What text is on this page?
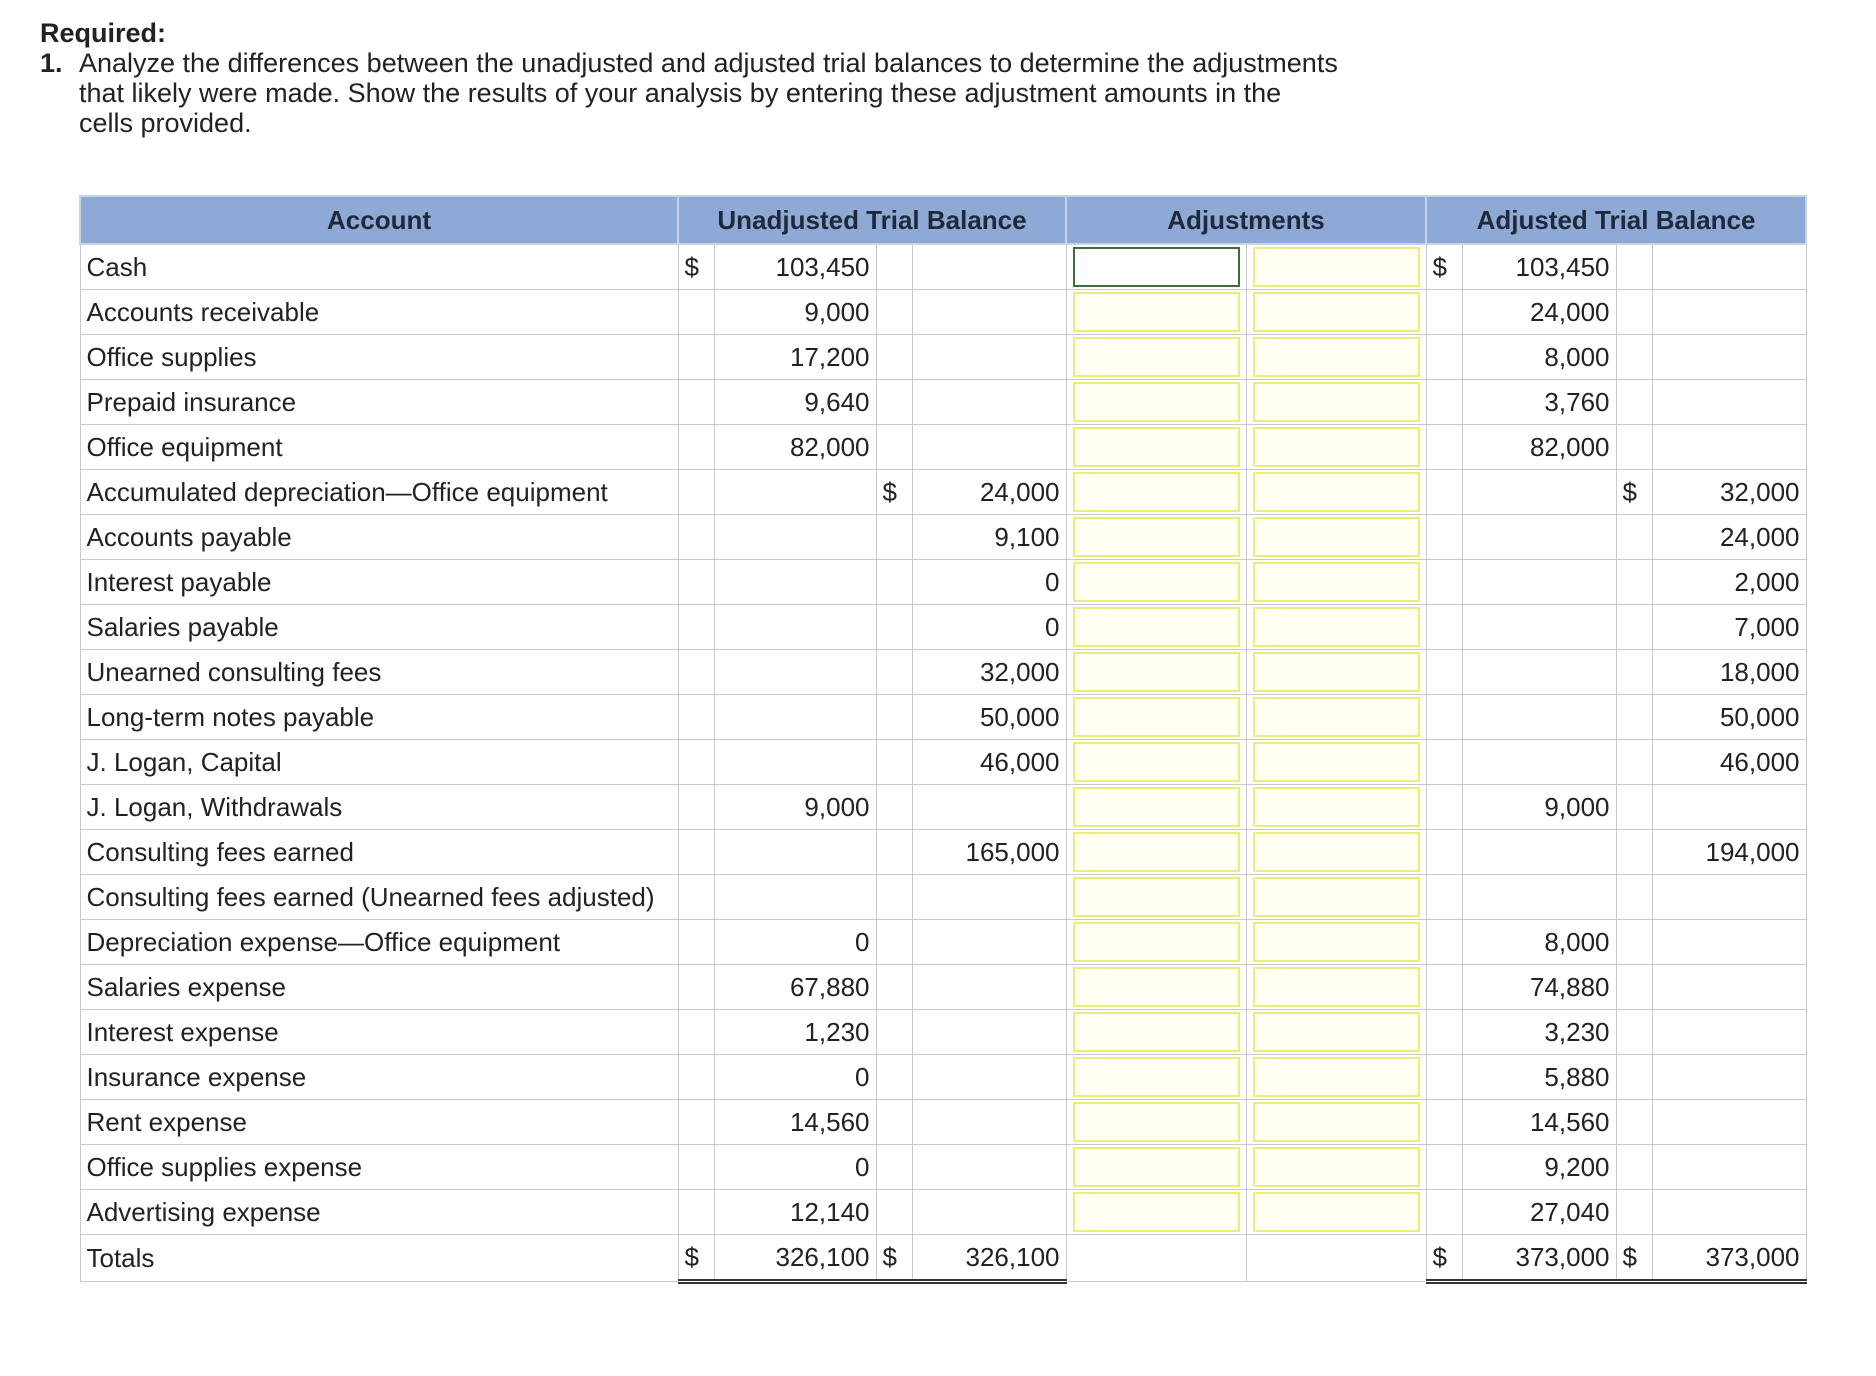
Required:
1. Analyze the differences between the unadjusted and adjusted trial balances to determine the adjustments that likely were made. Show the results of your analysis by entering these adjustment amounts in the cells provided.
Account	Unadjusted Trial Balance				Adjustments		Adjusted Trial Balance			
Cash	$	103,450					$	103,450		
Accounts receivable		9,000						24,000		
Office supplies		17,200						8,000		
Prepaid insurance		9,640						3,760		
Office equipment		82,000						82,000		
Accumulated depreciation—Office equipment			$	24,000					$	32,000
Accounts payable				9,100						24,000
Interest payable				0						2,000
Salaries payable				0						7,000
Unearned consulting fees				32,000						18,000
Long-term notes payable				50,000						50,000
J. Logan, Capital				46,000						46,000
J. Logan, Withdrawals		9,000						9,000		
Consulting fees earned				165,000						194,000
Consulting fees earned (Unearned fees adjusted)										
Depreciation expense—Office equipment		0						8,000		
Salaries expense		67,880						74,880		
Interest expense		1,230						3,230		
Insurance expense		0						5,880		
Rent expense		14,560						14,560		
Office supplies expense		0						9,200		
Advertising expense		12,140						27,040		
Totals	$	326,100	$	326,100			$	373,000	$	373,000
